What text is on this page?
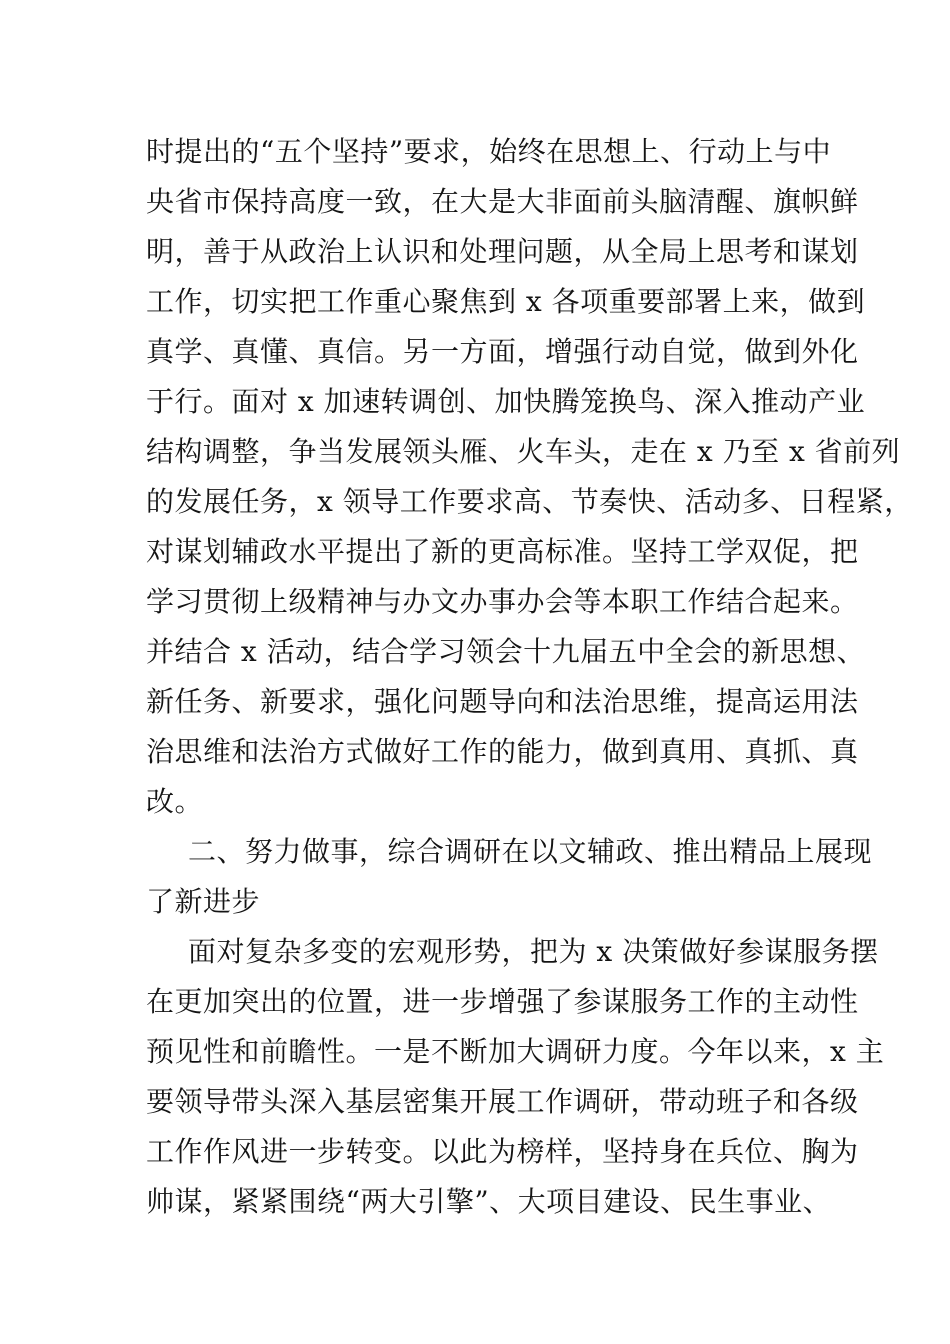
时提出的“五个坚持”要求，始终在思想上、行动上与中
央省市保持高度一致，在大是大非面前头脑清醒、旗帜鲜
明，善于从政治上认识和处理问题，从全局上思考和谋划
工作，切实把工作重心聚焦到 x 各项重要部署上来，做到
真学、真懂、真信。另一方面，增强行动自觉，做到外化
于行。面对 x 加速转调创、加快腾笼换鸟、深入推动产业
结构调整，争当发展领头雁、火车头，走在 x 乃至 x 省前列
的发展任务，x 领导工作要求高、节奏快、活动多、日程紧，
对谋划辅政水平提出了新的更高标准。坚持工学双促，把
学习贯彻上级精神与办文办事办会等本职工作结合起来。
并结合 x 活动，结合学习领会十九届五中全会的新思想、
新任务、新要求，强化问题导向和法治思维，提高运用法
治思维和法治方式做好工作的能力，做到真用、真抓、真
改。
二、努力做事，综合调研在以文辅政、推出精品上展现
了新进步
面对复杂多变的宏观形势，把为 x 决策做好参谋服务摆
在更加突出的位置，进一步增强了参谋服务工作的主动性
预见性和前瞻性。一是不断加大调研力度。今年以来，x 主
要领导带头深入基层密集开展工作调研，带动班子和各级
工作作风进一步转变。以此为榜样，坚持身在兵位、胸为
帅谋，紧紧围绕“两大引擎”、大项目建设、民生事业、
